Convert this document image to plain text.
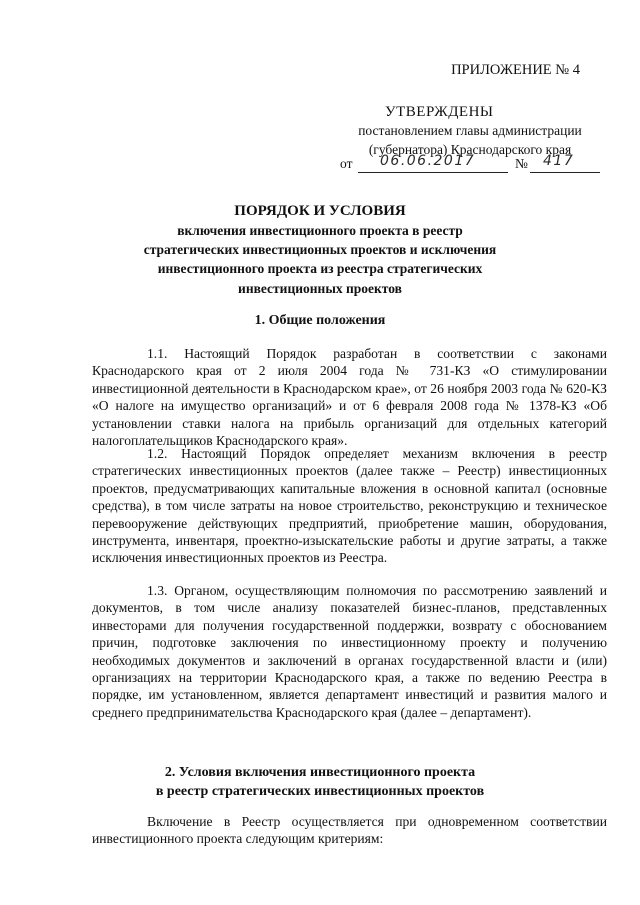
ПРИЛОЖЕНИЕ № 4
УТВЕРЖДЕНЫ
постановлением главы администрации
(губернатора) Краснодарского края
от 06.06.2017	№ 417
ПОРЯДОК И УСЛОВИЯ
включения инвестиционного проекта в реестр
стратегических инвестиционных проектов и исключения
инвестиционного проекта из реестра стратегических
инвестиционных проектов
1. Общие положения
1.1. Настоящий Порядок разработан в соответствии с законами Краснодарского края от 2 июля 2004 года № 731-КЗ «О стимулировании инвестиционной деятельности в Краснодарском крае», от 26 ноября 2003 года № 620-КЗ «О налоге на имущество организаций» и от 6 февраля 2008 года № 1378-КЗ «Об установлении ставки налога на прибыль организаций для отдельных категорий налогоплательщиков Краснодарского края».
1.2. Настоящий Порядок определяет механизм включения в реестр стратегических инвестиционных проектов (далее также – Реестр) инвестиционных проектов, предусматривающих капитальные вложения в основной капитал (основные средства), в том числе затраты на новое строительство, реконструкцию и техническое перевооружение действующих предприятий, приобретение машин, оборудования, инструмента, инвентаря, проектно-изыскательские работы и другие затраты, а также исключения инвестиционных проектов из Реестра.
1.3. Органом, осуществляющим полномочия по рассмотрению заявлений и документов, в том числе анализу показателей бизнес-планов, представленных инвесторами для получения государственной поддержки, возврату с обоснованием причин, подготовке заключения по инвестиционному проекту и получению необходимых документов и заключений в органах государственной власти и (или) организациях на территории Краснодарского края, а также по ведению Реестра в порядке, им установленном, является департамент инвестиций и развития малого и среднего предпринимательства Краснодарского края (далее – департамент).
2. Условия включения инвестиционного проекта
в реестр стратегических инвестиционных проектов
Включение в Реестр осуществляется при одновременном соответствии инвестиционного проекта следующим критериям:
